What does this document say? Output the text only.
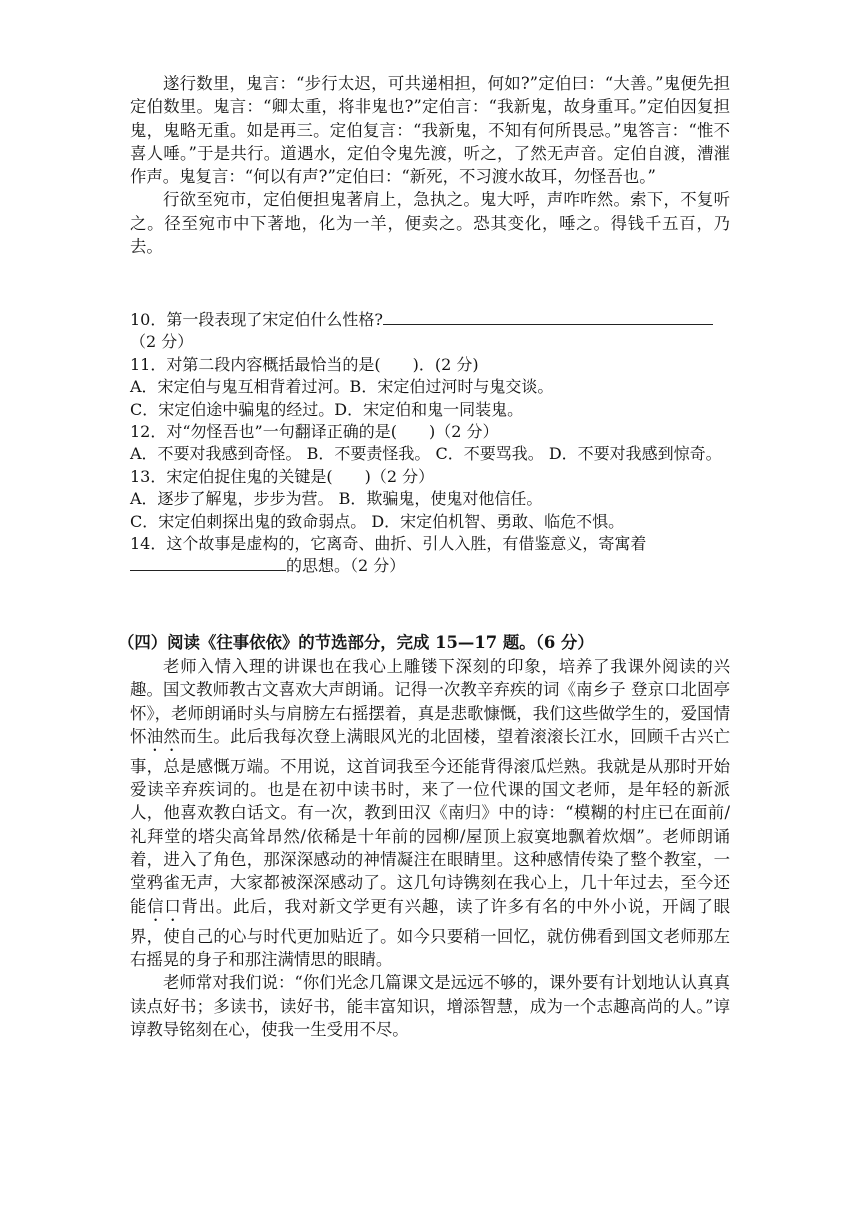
遂行数里，鬼言：“步行太迟，可共递相担，何如?”定伯曰：“大善。”鬼便先担定伯数里。鬼言：“卿太重，将非鬼也?”定伯言：“我新鬼，故身重耳。”定伯因复担鬼，鬼略无重。如是再三。定伯复言：“我新鬼，不知有何所畏忌。”鬼答言：“惟不喜人唾。”于是共行。道遇水，定伯令鬼先渡，听之，了然无声音。定伯自渡，漕漼作声。鬼复言：“何以有声?”定伯曰：“新死，不习渡水故耳，勿怪吾也。”

行欲至宛市，定伯便担鬼著肩上，急执之。鬼大呼，声咋咋然。索下，不复听之。径至宛市中下著地，化为一羊，便卖之。恐其变化，唾之。得钱千五百，乃去。

10．第一段表现了宋定伯什么性格?
（2 分）
11．对第二段内容概括最恰当的是(　　)．(2 分)
A．宋定伯与鬼互相背着过河。B．宋定伯过河时与鬼交谈。
C．宋定伯途中骗鬼的经过。D．宋定伯和鬼一同装鬼。
12．对“勿怪吾也”一句翻译正确的是(　　)（2 分）
A．不要对我感到奇怪。 B．不要责怪我。 C．不要骂我。 D．不要对我感到惊奇。
13．宋定伯捉住鬼的关键是(　　)（2 分）
A．逐步了解鬼，步步为营。 B．欺骗鬼，使鬼对他信任。
C．宋定伯刺探出鬼的致命弱点。 D．宋定伯机智、勇敢、临危不惧。
14．这个故事是虚构的，它离奇、曲折、引人入胜，有借鉴意义，寄寓着
的思想。（2 分）
（四）阅读《往事依依》的节选部分，完成 15—17 题。（6 分）

老师入情入理的讲课也在我心上雕镂下深刻的印象，培养了我课外阅读的兴趣。国文教师教古文喜欢大声朗诵。记得一次教辛弃疾的词《南乡子 登京口北固亭怀》，老师朗诵时头与肩膀左右摇摆着，真是悲歌慷慨，我们这些做学生的，爱国情怀油然而生。此后我每次登上满眼风光的北固楼，望着滚滚长江水，回顾千古兴亡事，总是感慨万端。不用说，这首词我至今还能背得滚瓜烂熟。我就是从那时开始爱读辛弃疾词的。也是在初中读书时，来了一位代课的国文老师，是年轻的新派人，他喜欢教白话文。有一次，教到田汉《南归》中的诗：“模糊的村庄已在面前/礼拜堂的塔尖高耸昂然/依稀是十年前的园柳/屋顶上寂寞地飘着炊烟”。老师朗诵着，进入了角色，那深深感动的神情凝注在眼睛里。这种感情传染了整个教室，一堂鸦雀无声，大家都被深深感动了。这几句诗镌刻在我心上，几十年过去，至今还能信口背出。此后，我对新文学更有兴趣，读了许多有名的中外小说，开阔了眼界，使自己的心与时代更加贴近了。如今只要稍一回忆，就仿佛看到国文老师那左右摇晃的身子和那注满情思的眼睛。

老师常对我们说：“你们光念几篇课文是远远不够的，课外要有计划地认认真真读点好书；多读书，读好书，能丰富知识，增添智慧，成为一个志趣高尚的人。”谆谆教导铭刻在心，使我一生受用不尽。
